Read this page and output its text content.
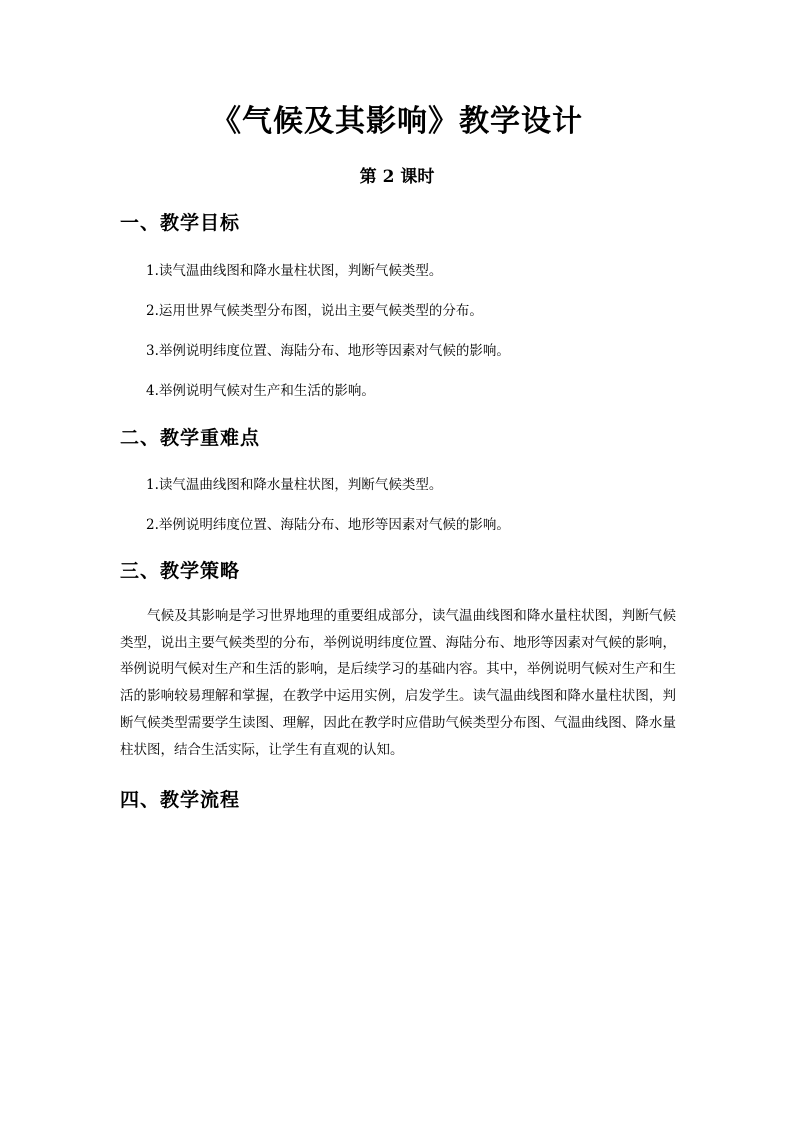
《气候及其影响》教学设计
第 2 课时
一、教学目标
1.读气温曲线图和降水量柱状图，判断气候类型。
2.运用世界气候类型分布图，说出主要气候类型的分布。
3.举例说明纬度位置、海陆分布、地形等因素对气候的影响。
4.举例说明气候对生产和生活的影响。
二、教学重难点
1.读气温曲线图和降水量柱状图，判断气候类型。
2.举例说明纬度位置、海陆分布、地形等因素对气候的影响。
三、教学策略

气候及其影响是学习世界地理的重要组成部分，读气温曲线图和降水量柱状图，判断气候类型，说出主要气候类型的分布，举例说明纬度位置、海陆分布、地形等因素对气候的影响，举例说明气候对生产和生活的影响，是后续学习的基础内容。其中，举例说明气候对生产和生活的影响较易理解和掌握，在教学中运用实例，启发学生。读气温曲线图和降水量柱状图，判断气候类型需要学生读图、理解，因此在教学时应借助气候类型分布图、气温曲线图、降水量柱状图，结合生活实际，让学生有直观的认知。

四、教学流程
